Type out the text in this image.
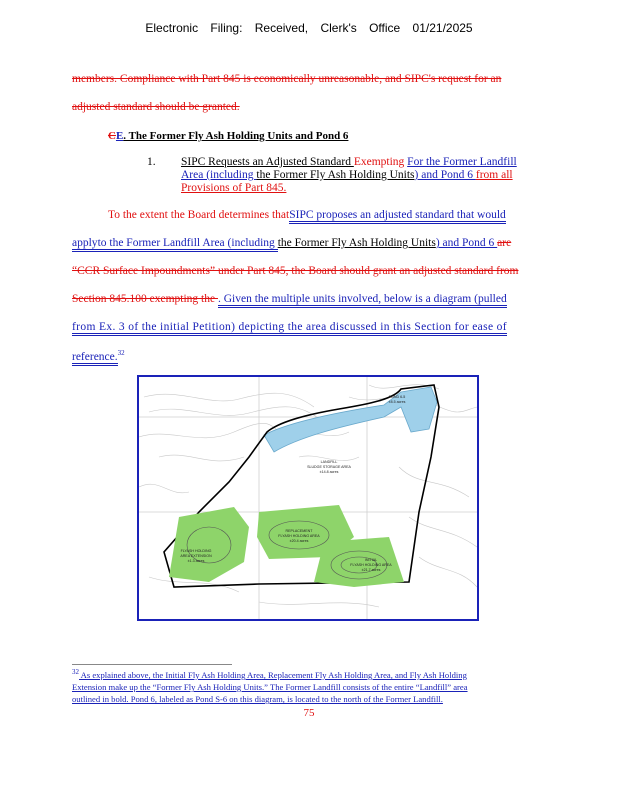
Electronic Filing: Received, Clerk's Office 01/21/2025
members. Compliance with Part 845 is economically unreasonable, and SIPC's request for an
adjusted standard should be granted.
CE. The Former Fly Ash Holding Units and Pond 6
1. SIPC Requests an Adjusted Standard Exempting For the Former Landfill
Area (including the Former Fly Ash Holding Units) and Pond 6 from all
Provisions of Part 845.
To the extent the Board determines thatSIPC proposes an adjusted standard that would
applyto the Former Landfill Area (including the Former Fly Ash Holding Units) and Pond 6 are
“CCR Surface Impoundments” under Part 845, the Board should grant an adjusted standard from
Section 845.100 exempting the . Given the multiple units involved, below is a diagram (pulled
from Ex. 3 of the initial Petition) depicting the area discussed in this Section for ease of
reference.$^{32}$
POND 6-5
±8.5 acres
LANDFILL
SLUDGE STORAGE AREA
±14.8 acres
REPLACEMENT
FLYASH HOLDING AREA
±20.4 acres
FLYASH HOLDING
AREA EXTENSION
±1.3 acres	INITIAL
FLYASH HOLDING AREA
±21.7 acres
$^{32}$ As explained above, the Initial Fly Ash Holding Area, Replacement Fly Ash Holding Area, and Fly Ash Holding
Extension make up the “Former Fly Ash Holding Units.” The Former Landfill consists of the entire “Landfill” area
outlined in bold. Pond 6, labeled as Pond S-6 on this diagram, is located to the north of the Former Landfill.
75
